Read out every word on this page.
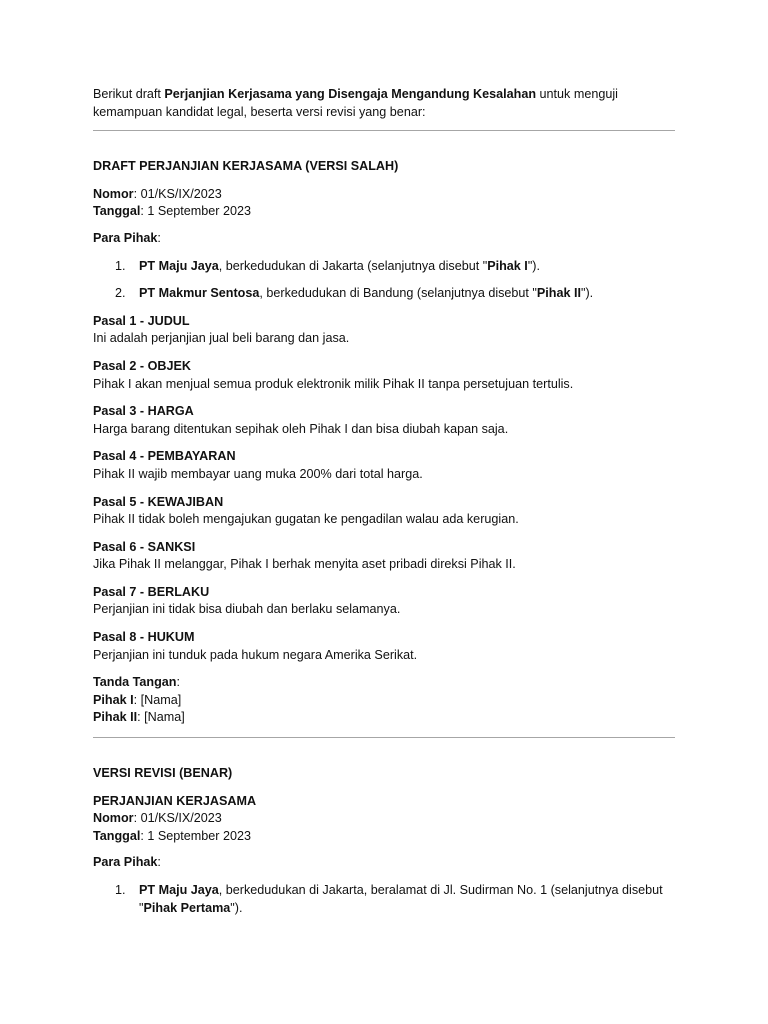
Berikut draft Perjanjian Kerjasama yang Disengaja Mengandung Kesalahan untuk menguji kemampuan kandidat legal, beserta versi revisi yang benar:

DRAFT PERJANJIAN KERJASAMA (VERSI SALAH)

Nomor: 01/KS/IX/2023
Tanggal: 1 September 2023

Para Pihak:

1. PT Maju Jaya, berkedudukan di Jakarta (selanjutnya disebut "Pihak I").
2. PT Makmur Sentosa, berkedudukan di Bandung (selanjutnya disebut "Pihak II").

Pasal 1 - JUDUL

Ini adalah perjanjian jual beli barang dan jasa.

Pasal 2 - OBJEK

Pihak I akan menjual semua produk elektronik milik Pihak II tanpa persetujuan tertulis.

Pasal 3 - HARGA

Harga barang ditentukan sepihak oleh Pihak I dan bisa diubah kapan saja.

Pasal 4 - PEMBAYARAN

Pihak II wajib membayar uang muka 200% dari total harga.

Pasal 5 - KEWAJIBAN

Pihak II tidak boleh mengajukan gugatan ke pengadilan walau ada kerugian.

Pasal 6 - SANKSI

Jika Pihak II melanggar, Pihak I berhak menyita aset pribadi direksi Pihak II.

Pasal 7 - BERLAKU

Perjanjian ini tidak bisa diubah dan berlaku selamanya.

Pasal 8 - HUKUM

Perjanjian ini tunduk pada hukum negara Amerika Serikat.

Tanda Tangan:
Pihak I: [Nama]
Pihak II: [Nama]

VERSI REVISI (BENAR)

PERJANJIAN KERJASAMA
Nomor: 01/KS/IX/2023
Tanggal: 1 September 2023

Para Pihak:

1. PT Maju Jaya, berkedudukan di Jakarta, beralamat di Jl. Sudirman No. 1 (selanjutnya disebut "Pihak Pertama").
